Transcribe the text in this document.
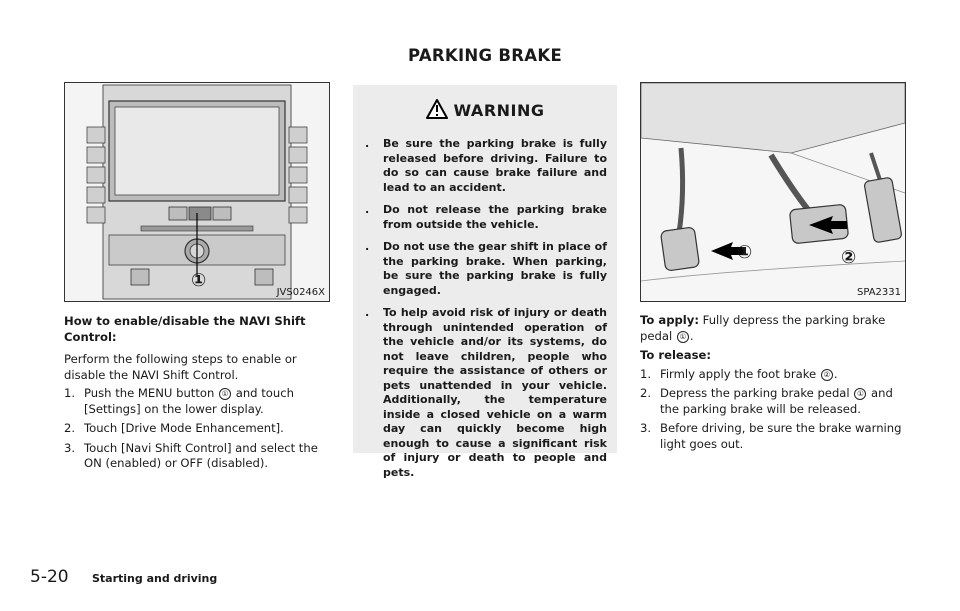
PARKING BRAKE
①
JVS0246X
How to enable/disable the NAVI Shift Control:
Perform the following steps to enable or disable the NAVI Shift Control.
1. Push the MENU button ① and touch [Settings] on the lower display.
2. Touch [Drive Mode Enhancement].
3. Touch [Navi Shift Control] and select the ON (enabled) or OFF (disabled).
WARNING
. Be sure the parking brake is fully released before driving. Failure to do so can cause brake failure and lead to an accident.
. Do not release the parking brake from outside the vehicle.
. Do not use the gear shift in place of the parking brake. When parking, be sure the parking brake is fully engaged.
. To help avoid risk of injury or death through unintended operation of the vehicle and/or its systems, do not leave children, people who require the assistance of others or pets unattended in your vehicle. Additionally, the temperature inside a closed vehicle on a warm day can quickly become high enough to cause a significant risk of injury or death to people and pets.
①	②
SPA2331
To apply: Fully depress the parking brake pedal ① .
To release:
1. Firmly apply the foot brake ② .
2. Depress the parking brake pedal ① and the parking brake will be released.
3. Before driving, be sure the brake warning light goes out.
5-20 Starting and driving
